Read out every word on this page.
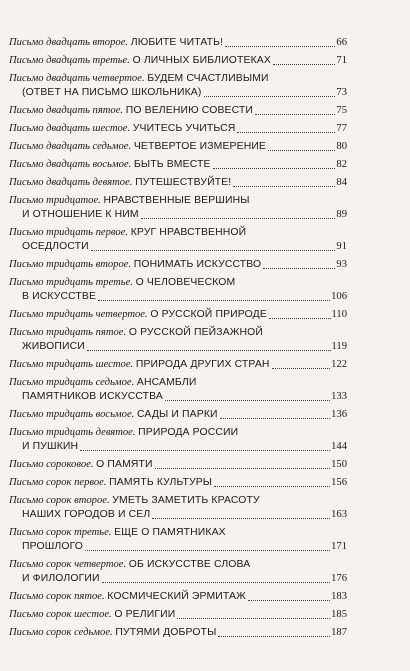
Письмо двадцать второе.
ЛЮБИТЕ ЧИТАТЬ!	66
Письмо двадцать третье.
О ЛИЧНЫХ БИБЛИОТЕКАХ	71
Письмо двадцать четвертое.
БУДЕМ СЧАСТЛИВЫМИ
(ОТВЕТ НА ПИСЬМО ШКОЛЬНИКА)	73
Письмо двадцать пятое.
ПО ВЕЛЕНИЮ СОВЕСТИ	75
Письмо двадцать шестое.
УЧИТЕСЬ УЧИТЬСЯ	77
Письмо двадцать седьмое.
ЧЕТВЕРТОЕ ИЗМЕРЕНИЕ	80
Письмо двадцать восьмое.
БЫТЬ ВМЕСТЕ	82
Письмо двадцать девятое.
ПУТЕШЕСТВУЙТЕ!	84
Письмо тридцатое.
НРАВСТВЕННЫЕ ВЕРШИНЫ
И ОТНОШЕНИЕ К НИМ	89
Письмо тридцать первое.
КРУГ НРАВСТВЕННОЙ
ОСЕДЛОСТИ	91
Письмо тридцать второе.
ПОНИМАТЬ ИСКУССТВО	93
Письмо тридцать третье.
О ЧЕЛОВЕЧЕСКОМ
В ИСКУССТВЕ	106
Письмо тридцать четвертое.
О РУССКОЙ ПРИРОДЕ	110
Письмо тридцать пятое.
О РУССКОЙ ПЕЙЗАЖНОЙ
ЖИВОПИСИ	119
Письмо тридцать шестое.
ПРИРОДА ДРУГИХ СТРАН	122
Письмо тридцать седьмое.
АНСАМБЛИ
ПАМЯТНИКОВ ИСКУССТВА	133
Письмо тридцать восьмое.
САДЫ И ПАРКИ	136
Письмо тридцать девятое.
ПРИРОДА РОССИИ
И ПУШКИН	144
Письмо сороковое.
О ПАМЯТИ	150
Письмо сорок первое.
ПАМЯТЬ КУЛЬТУРЫ	156
Письмо сорок второе.
УМЕТЬ ЗАМЕТИТЬ КРАСОТУ
НАШИХ ГОРОДОВ И СЕЛ	163
Письмо сорок третье.
ЕЩЕ О ПАМЯТНИКАХ
ПРОШЛОГО	171
Письмо сорок четвертое.
ОБ ИСКУССТВЕ СЛОВА
И ФИЛОЛОГИИ	176
Письмо сорок пятое.
КОСМИЧЕСКИЙ ЭРМИТАЖ	183
Письмо сорок шестое.
О РЕЛИГИИ	185
Письмо сорок седьмое.
ПУТЯМИ ДОБРОТЫ	187
